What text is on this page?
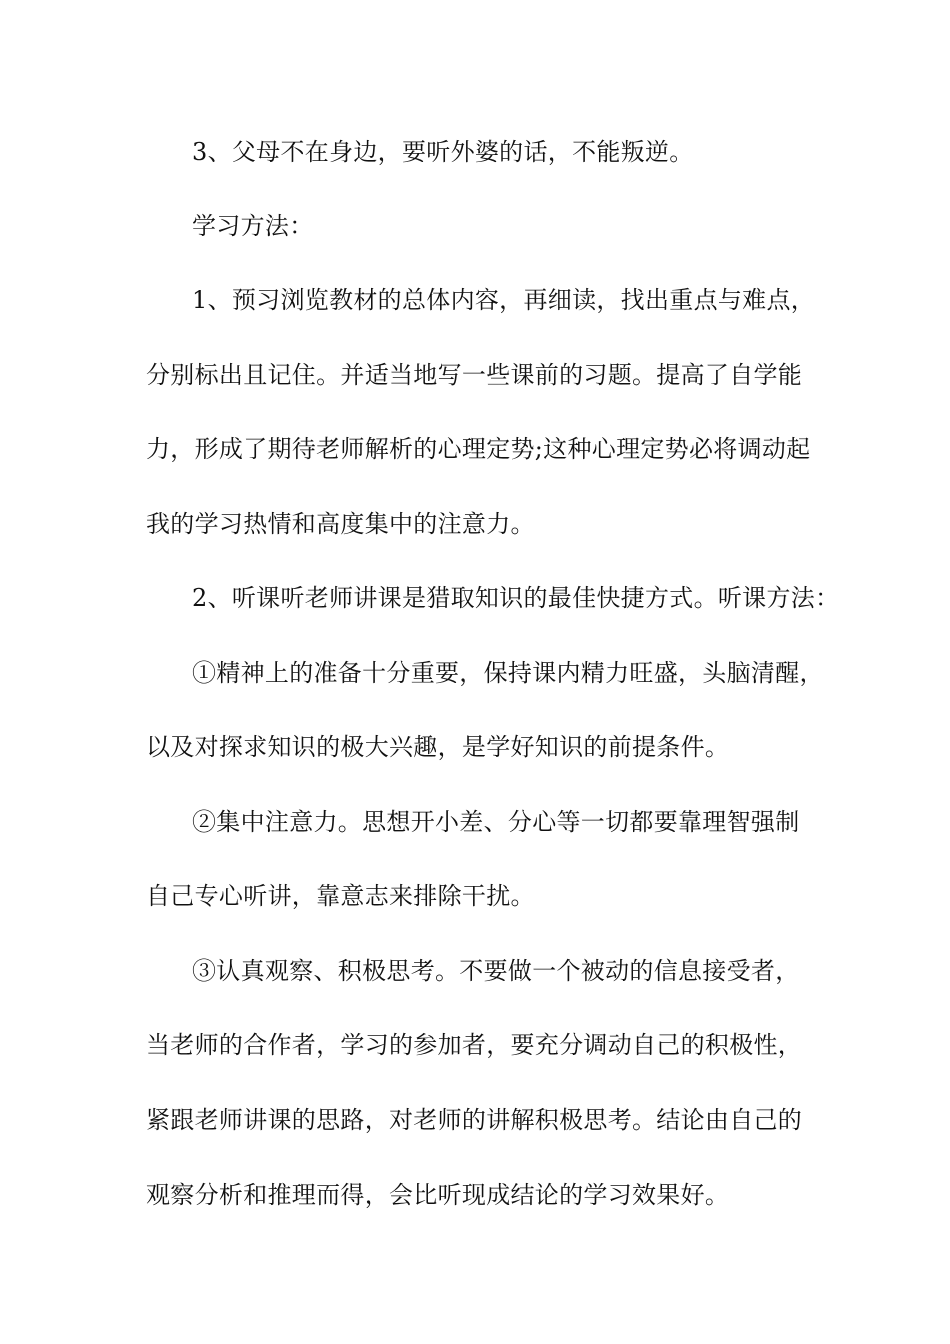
3、父母不在身边，要听外婆的话，不能叛逆。
学习方法：
1、预习浏览教材的总体内容，再细读，找出重点与难点，
分别标出且记住。并适当地写一些课前的习题。提高了自学能
力，形成了期待老师解析的心理定势;这种心理定势必将调动起
我的学习热情和高度集中的注意力。
2、听课听老师讲课是猎取知识的最佳快捷方式。听课方法：
①精神上的准备十分重要，保持课内精力旺盛，头脑清醒，
以及对探求知识的极大兴趣，是学好知识的前提条件。
②集中注意力。思想开小差、分心等一切都要靠理智强制
自己专心听讲，靠意志来排除干扰。
③认真观察、积极思考。不要做一个被动的信息接受者，
当老师的合作者，学习的参加者，要充分调动自己的积极性，
紧跟老师讲课的思路，对老师的讲解积极思考。结论由自己的
观察分析和推理而得，会比听现成结论的学习效果好。
